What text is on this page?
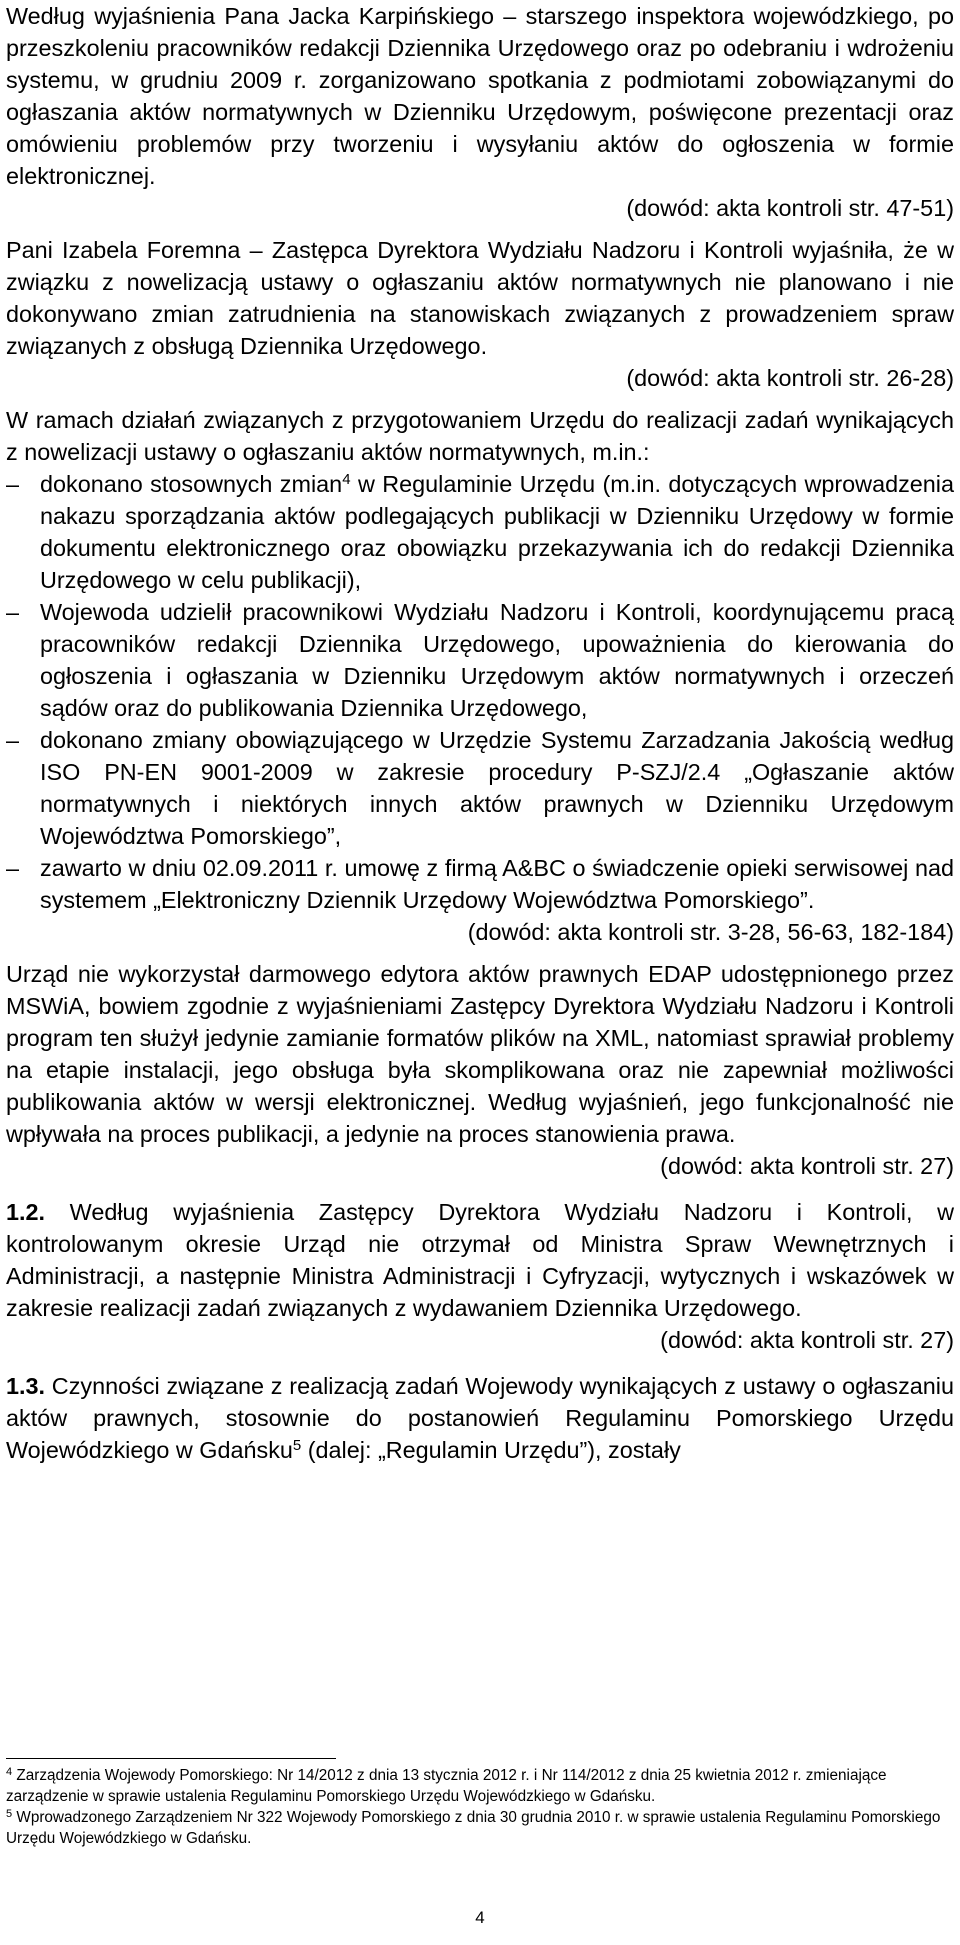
Według wyjaśnienia Pana Jacka Karpińskiego – starszego inspektora wojewódzkiego, po przeszkoleniu pracowników redakcji Dziennika Urzędowego oraz po odebraniu i wdrożeniu systemu, w grudniu 2009 r. zorganizowano spotkania z podmiotami zobowiązanymi do ogłaszania aktów normatywnych w Dzienniku Urzędowym, poświęcone prezentacji oraz omówieniu problemów przy tworzeniu i wysyłaniu aktów do ogłoszenia w formie elektronicznej.

(dowód: akta kontroli str. 47-51)

Pani Izabela Foremna – Zastępca Dyrektora Wydziału Nadzoru i Kontroli wyjaśniła, że w związku z nowelizacją ustawy o ogłaszaniu aktów normatywnych nie planowano i nie dokonywano zmian zatrudnienia na stanowiskach związanych z prowadzeniem spraw związanych z obsługą Dziennika Urzędowego.

(dowód: akta kontroli str. 26-28)

W ramach działań związanych z przygotowaniem Urzędu do realizacji zadań wynikających z nowelizacji ustawy o ogłaszaniu aktów normatywnych, m.in.:

– dokonano stosownych zmian$^4$ w Regulaminie Urzędu (m.in. dotyczących wprowadzenia nakazu sporządzania aktów podlegających publikacji w Dzienniku Urzędowy w formie dokumentu elektronicznego oraz obowiązku przekazywania ich do redakcji Dziennika Urzędowego w celu publikacji),
– Wojewoda udzielił pracownikowi Wydziału Nadzoru i Kontroli, koordynującemu pracą pracowników redakcji Dziennika Urzędowego, upoważnienia do kierowania do ogłoszenia i ogłaszania w Dzienniku Urzędowym aktów normatywnych i orzeczeń sądów oraz do publikowania Dziennika Urzędowego,
– dokonano zmiany obowiązującego w Urzędzie Systemu Zarzadzania Jakością według ISO PN-EN 9001-2009 w zakresie procedury P-SZJ/2.4 „Ogłaszanie aktów normatywnych i niektórych innych aktów prawnych w Dzienniku Urzędowym Województwa Pomorskiego”,
– zawarto w dniu 02.09.2011 r. umowę z firmą A&BC o świadczenie opieki serwisowej nad systemem „Elektroniczny Dziennik Urzędowy Województwa Pomorskiego”.

(dowód: akta kontroli str. 3-28, 56-63, 182-184)

Urząd nie wykorzystał darmowego edytora aktów prawnych EDAP udostępnionego przez MSWiA, bowiem zgodnie z wyjaśnieniami Zastępcy Dyrektora Wydziału Nadzoru i Kontroli program ten służył jedynie zamianie formatów plików na XML, natomiast sprawiał problemy na etapie instalacji, jego obsługa była skomplikowana oraz nie zapewniał możliwości publikowania aktów w wersji elektronicznej. Według wyjaśnień, jego funkcjonalność nie wpływała na proces publikacji, a jedynie na proces stanowienia prawa.

(dowód: akta kontroli str. 27)

1.2. Według wyjaśnienia Zastępcy Dyrektora Wydziału Nadzoru i Kontroli, w kontrolowanym okresie Urząd nie otrzymał od Ministra Spraw Wewnętrznych i Administracji, a następnie Ministra Administracji i Cyfryzacji, wytycznych i wskazówek w zakresie realizacji zadań związanych z wydawaniem Dziennika Urzędowego.

(dowód: akta kontroli str. 27)

1.3. Czynności związane z realizacją zadań Wojewody wynikających z ustawy o ogłaszaniu aktów prawnych, stosownie do postanowień Regulaminu Pomorskiego Urzędu Wojewódzkiego w Gdańsku$^5$ (dalej: „Regulamin Urzędu”), zostały

$^4$ Zarządzenia Wojewody Pomorskiego: Nr 14/2012 z dnia 13 stycznia 2012 r. i Nr 114/2012 z dnia 25 kwietnia 2012 r. zmieniające zarządzenie w sprawie ustalenia Regulaminu Pomorskiego Urzędu Wojewódzkiego w Gdańsku.

$^5$ Wprowadzonego Zarządzeniem Nr 322 Wojewody Pomorskiego z dnia 30 grudnia 2010 r. w sprawie ustalenia Regulaminu Pomorskiego Urzędu Wojewódzkiego w Gdańsku.

4
